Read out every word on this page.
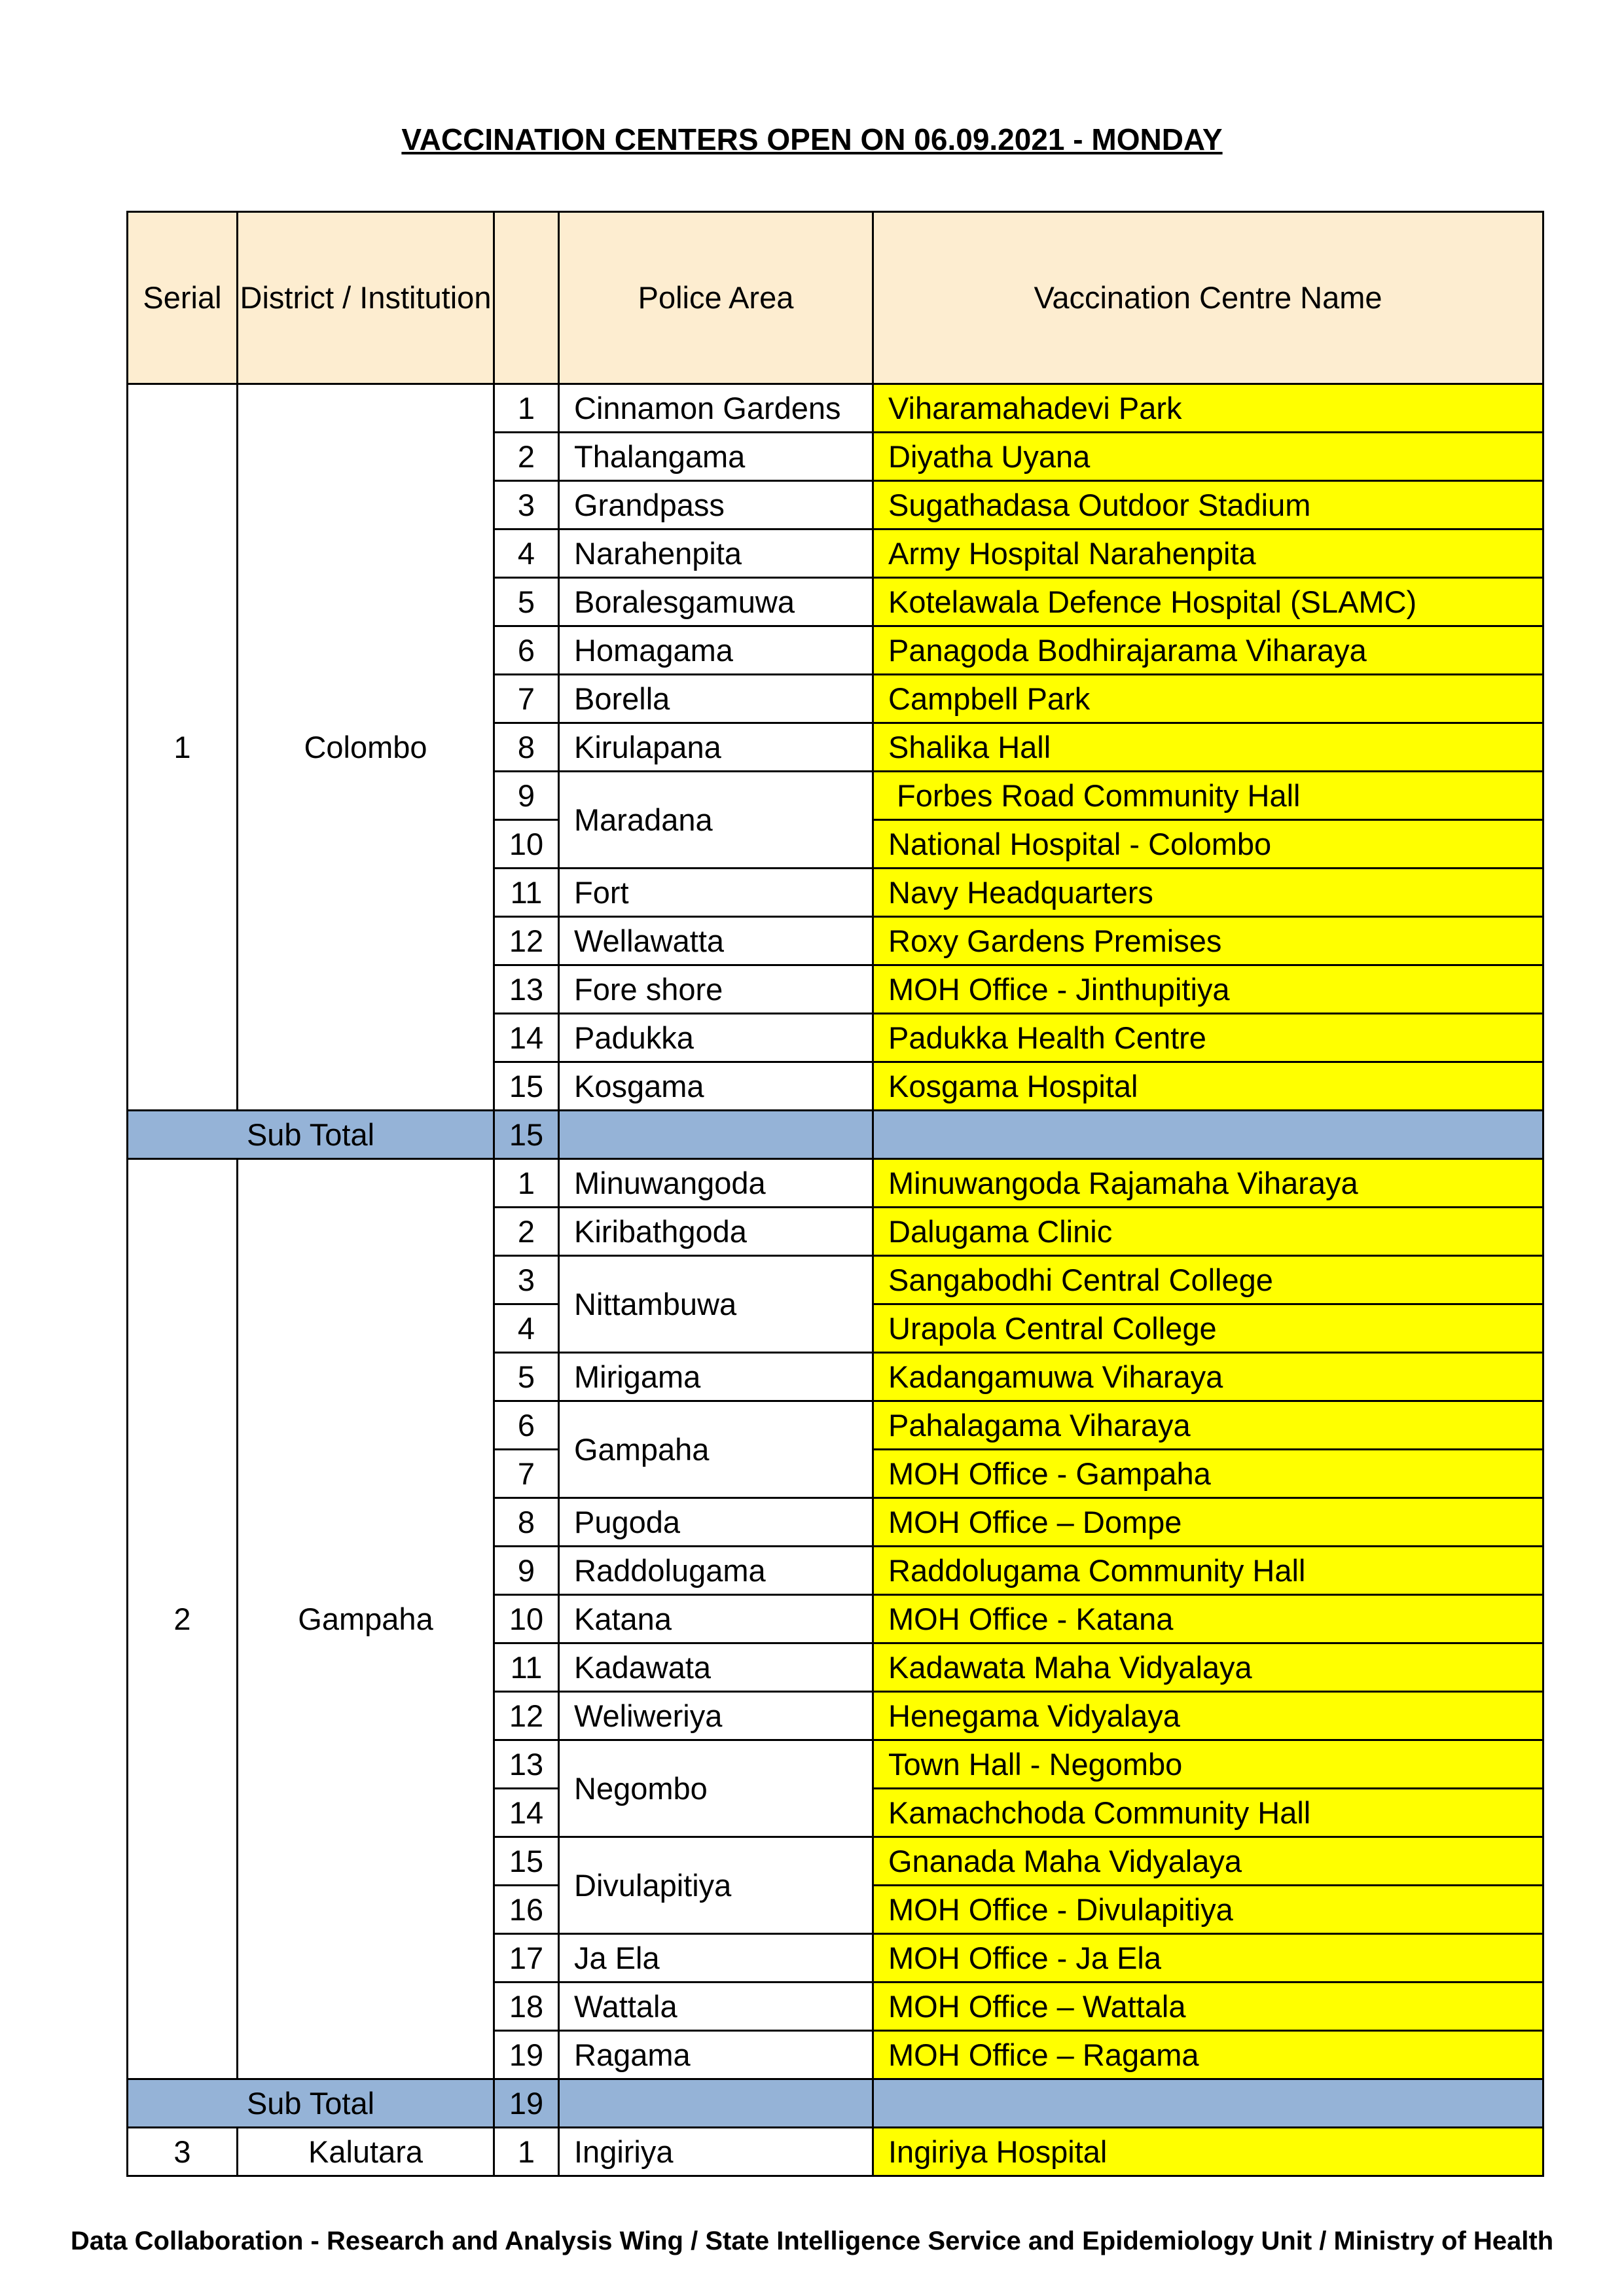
VACCINATION CENTERS OPEN ON 06.09.2021 - MONDAY
Serial	District / Institution		Police Area	Vaccination Centre Name
1	Colombo	1	Cinnamon Gardens	Viharamahadevi Park
		2	Thalangama	Diyatha Uyana
		3	Grandpass	Sugathadasa Outdoor Stadium
		4	Narahenpita	Army Hospital Narahenpita
		5	Boralesgamuwa	Kotelawala Defence Hospital (SLAMC)
		6	Homagama	Panagoda Bodhirajarama Viharaya
		7	Borella	Campbell Park
		8	Kirulapana	Shalika Hall
		9	Maradana	Forbes Road Community Hall
		10		National Hospital - Colombo
		11	Fort	Navy Headquarters
		12	Wellawatta	Roxy Gardens Premises
		13	Fore shore	MOH Office - Jinthupitiya
		14	Padukka	Padukka Health Centre
		15	Kosgama	Kosgama Hospital
Sub Total		15		
2	Gampaha	1	Minuwangoda	Minuwangoda Rajamaha Viharaya
		2	Kiribathgoda	Dalugama Clinic
		3	Nittambuwa	Sangabodhi Central College
		4		Urapola Central College
		5	Mirigama	Kadangamuwa Viharaya
		6	Gampaha	Pahalagama Viharaya
		7		MOH Office - Gampaha
		8	Pugoda	MOH Office – Dompe
		9	Raddolugama	Raddolugama Community Hall
		10	Katana	MOH Office - Katana
		11	Kadawata	Kadawata Maha Vidyalaya
		12	Weliweriya	Henegama Vidyalaya
		13	Negombo	Town Hall - Negombo
		14		Kamachchoda Community Hall
		15	Divulapitiya	Gnanada Maha Vidyalaya
		16		MOH Office - Divulapitiya
		17	Ja Ela	MOH Office - Ja Ela
		18	Wattala	MOH Office – Wattala
		19	Ragama	MOH Office – Ragama
Sub Total		19		
3	Kalutara	1	Ingiriya	Ingiriya Hospital
Data Collaboration - Research and Analysis Wing / State Intelligence Service and Epidemiology Unit / Ministry of Health
